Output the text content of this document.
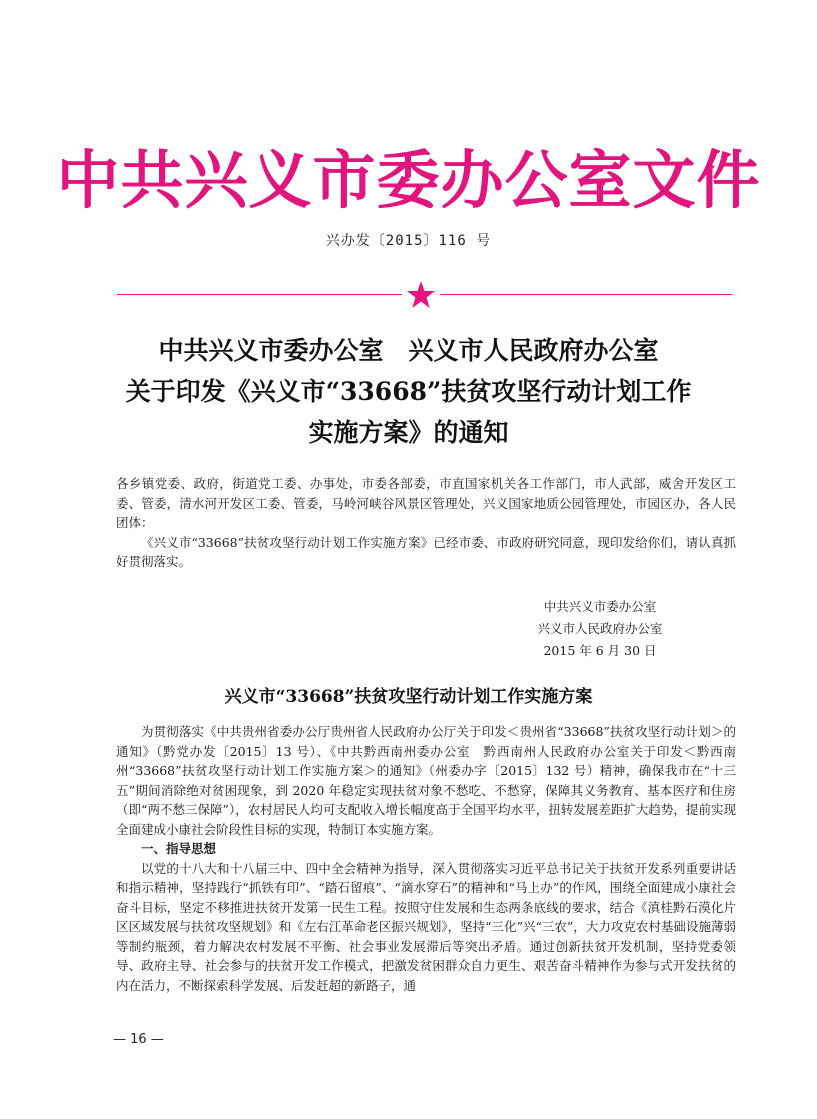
中共兴义市委办公室文件
兴办发〔2015〕116 号
中共兴义市委办公室　兴义市人民政府办公室
关于印发《兴义市“33668”扶贫攻坚行动计划工作
实施方案》的通知

各乡镇党委、政府，街道党工委、办事处，市委各部委，市直国家机关各工作部门，市人武部，威舍开发区工委、管委，清水河开发区工委、管委，马岭河峡谷风景区管理处，兴义国家地质公园管理处，市园区办，各人民团体：

《兴义市“33668”扶贫攻坚行动计划工作实施方案》已经市委、市政府研究同意，现印发给你们，请认真抓好贯彻落实。

中共兴义市委办公室
兴义市人民政府办公室
2015 年 6 月 30 日
兴义市“33668”扶贫攻坚行动计划工作实施方案

为贯彻落实《中共贵州省委办公厅贵州省人民政府办公厅关于印发＜贵州省“33668”扶贫攻坚行动计划＞的通知》（黔党办发〔2015〕13 号）、《中共黔西南州委办公室　黔西南州人民政府办公室关于印发＜黔西南州“33668”扶贫攻坚行动计划工作实施方案＞的通知》（州委办字〔2015〕132 号）精神，确保我市在“十三五”期间消除绝对贫困现象，到 2020 年稳定实现扶贫对象不愁吃、不愁穿，保障其义务教育、基本医疗和住房（即“两不愁三保障”），农村居民人均可支配收入增长幅度高于全国平均水平，扭转发展差距扩大趋势，提前实现全面建成小康社会阶段性目标的实现，特制订本实施方案。

一、指导思想

以党的十八大和十八届三中、四中全会精神为指导，深入贯彻落实习近平总书记关于扶贫开发系列重要讲话和指示精神，坚持践行“抓铁有印”、“踏石留痕”、“滴水穿石”的精神和“马上办”的作风，围绕全面建成小康社会奋斗目标，坚定不移推进扶贫开发第一民生工程。按照守住发展和生态两条底线的要求，结合《滇桂黔石漠化片区区域发展与扶贫攻坚规划》和《左右江革命老区振兴规划》，坚持“三化”兴“三农”，大力攻克农村基础设施薄弱等制约瓶颈，着力解决农村发展不平衡、社会事业发展滞后等突出矛盾。通过创新扶贫开发机制，坚持党委领导、政府主导、社会参与的扶贫开发工作模式，把激发贫困群众自力更生、艰苦奋斗精神作为参与式开发扶贫的内在活力，不断探索科学发展、后发赶超的新路子，通

— 16 —
